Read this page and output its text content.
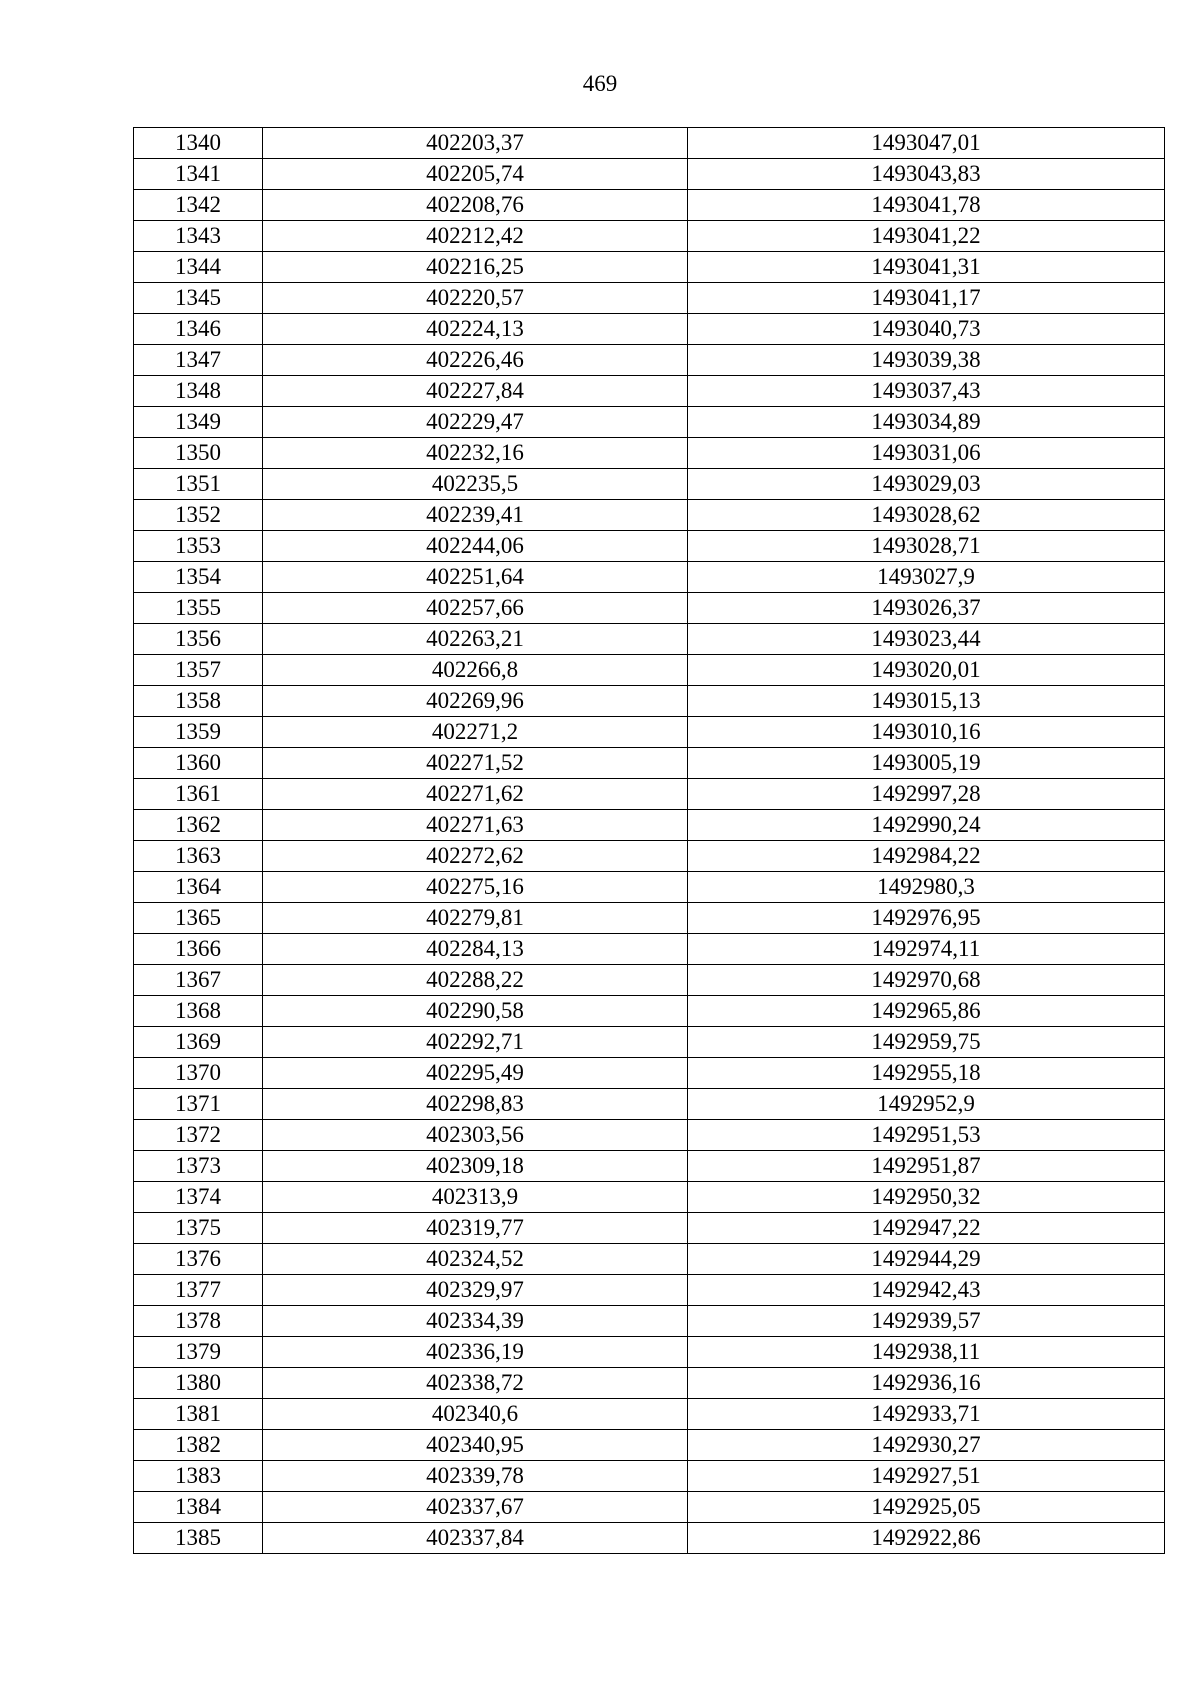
469
1340	402203,37	1493047,01
1341	402205,74	1493043,83
1342	402208,76	1493041,78
1343	402212,42	1493041,22
1344	402216,25	1493041,31
1345	402220,57	1493041,17
1346	402224,13	1493040,73
1347	402226,46	1493039,38
1348	402227,84	1493037,43
1349	402229,47	1493034,89
1350	402232,16	1493031,06
1351	402235,5	1493029,03
1352	402239,41	1493028,62
1353	402244,06	1493028,71
1354	402251,64	1493027,9
1355	402257,66	1493026,37
1356	402263,21	1493023,44
1357	402266,8	1493020,01
1358	402269,96	1493015,13
1359	402271,2	1493010,16
1360	402271,52	1493005,19
1361	402271,62	1492997,28
1362	402271,63	1492990,24
1363	402272,62	1492984,22
1364	402275,16	1492980,3
1365	402279,81	1492976,95
1366	402284,13	1492974,11
1367	402288,22	1492970,68
1368	402290,58	1492965,86
1369	402292,71	1492959,75
1370	402295,49	1492955,18
1371	402298,83	1492952,9
1372	402303,56	1492951,53
1373	402309,18	1492951,87
1374	402313,9	1492950,32
1375	402319,77	1492947,22
1376	402324,52	1492944,29
1377	402329,97	1492942,43
1378	402334,39	1492939,57
1379	402336,19	1492938,11
1380	402338,72	1492936,16
1381	402340,6	1492933,71
1382	402340,95	1492930,27
1383	402339,78	1492927,51
1384	402337,67	1492925,05
1385	402337,84	1492922,86
